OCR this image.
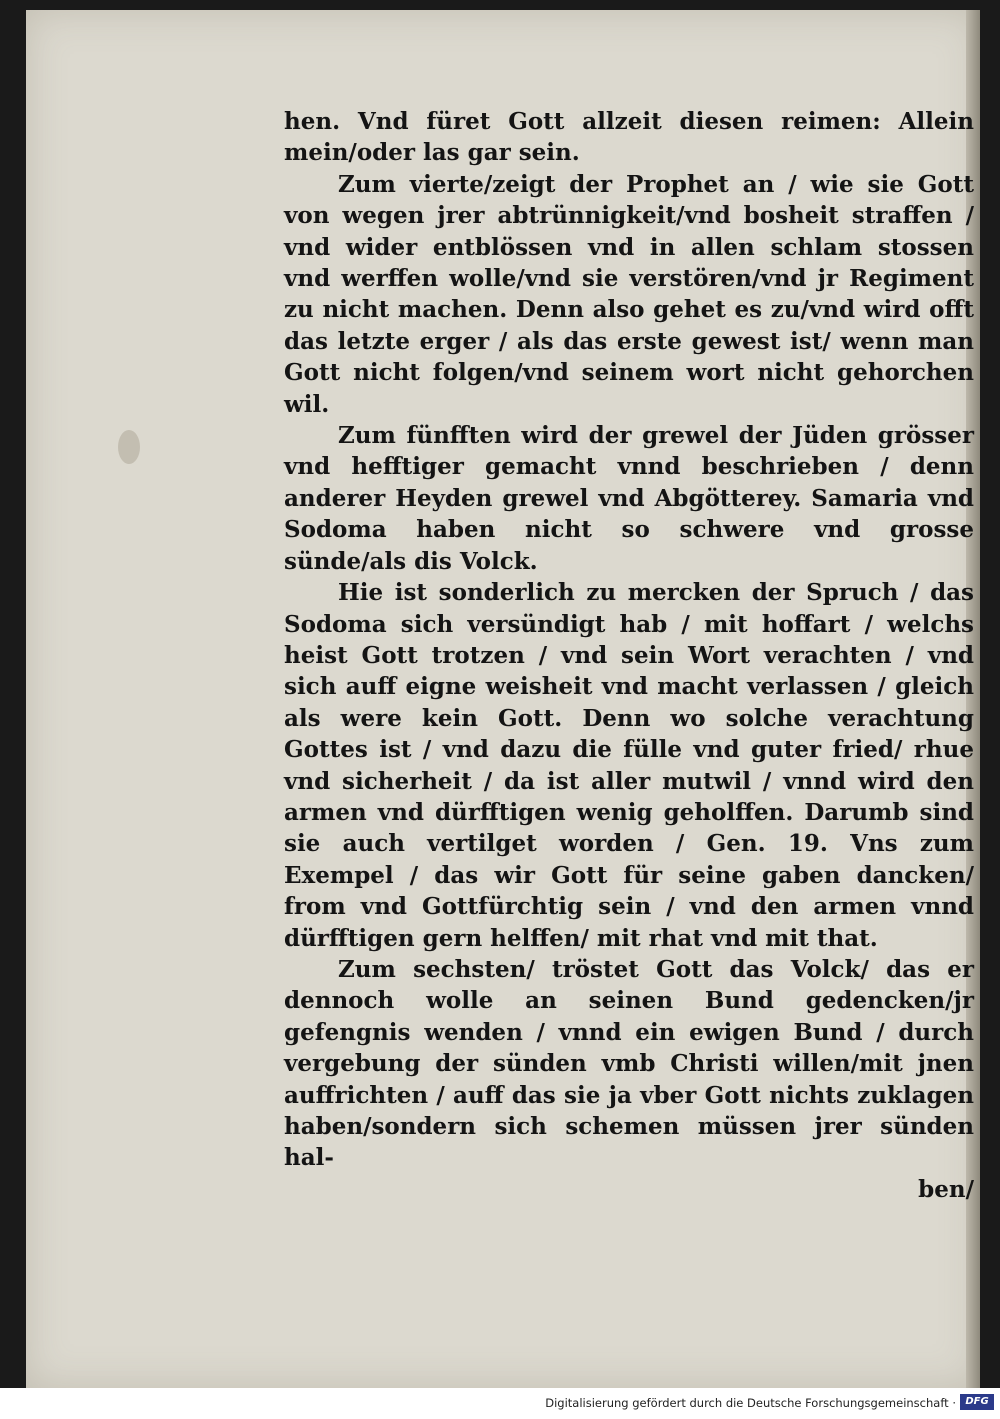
hen. Vnd füret Gott allzeit diesen reimen: Allein mein/oder las gar sein.

Zum vierte/zeigt der Prophet an / wie sie Gott von wegen jrer abtrünnigkeit/vnd bosheit straffen / vnd wider entblössen vnd in allen schlam stossen vnd werffen wolle/vnd sie verstören/vnd jr Regiment zu nicht machen. Denn also gehet es zu/vnd wird offt das letzte erger / als das erste gewest ist/ wenn man Gott nicht folgen/vnd seinem wort nicht gehorchen wil.

Zum fünfften wird der grewel der Jüden grösser vnd hefftiger gemacht vnnd beschrieben / denn anderer Heyden grewel vnd Abgötterey. Samaria vnd Sodoma haben nicht so schwere vnd grosse sünde/als dis Volck.

Hie ist sonderlich zu mercken der Spruch / das Sodoma sich versündigt hab / mit hoffart / welchs heist Gott trotzen / vnd sein Wort verachten / vnd sich auff eigne weisheit vnd macht verlassen / gleich als were kein Gott. Denn wo solche verachtung Gottes ist / vnd dazu die fülle vnd guter fried/ rhue vnd sicherheit / da ist aller mutwil / vnnd wird den armen vnd dürfftigen wenig geholffen. Darumb sind sie auch vertilget worden / Gen. 19. Vns zum Exempel / das wir Gott für seine gaben dancken/ from vnd Gottfürchtig sein / vnd den armen vnnd dürfftigen gern helffen/ mit rhat vnd mit that.

Zum sechsten/ tröstet Gott das Volck/ das er dennoch wolle an seinen Bund gedencken/jr gefengnis wenden / vnnd ein ewigen Bund / durch vergebung der sünden vmb Christi willen/mit jnen auffrichten / auff das sie ja vber Gott nichts zuklagen haben/sondern sich schemen müssen jrer sünden hal-

ben/

Digitalisierung gefördert durch die Deutsche Forschungsgemeinschaft · DFG
